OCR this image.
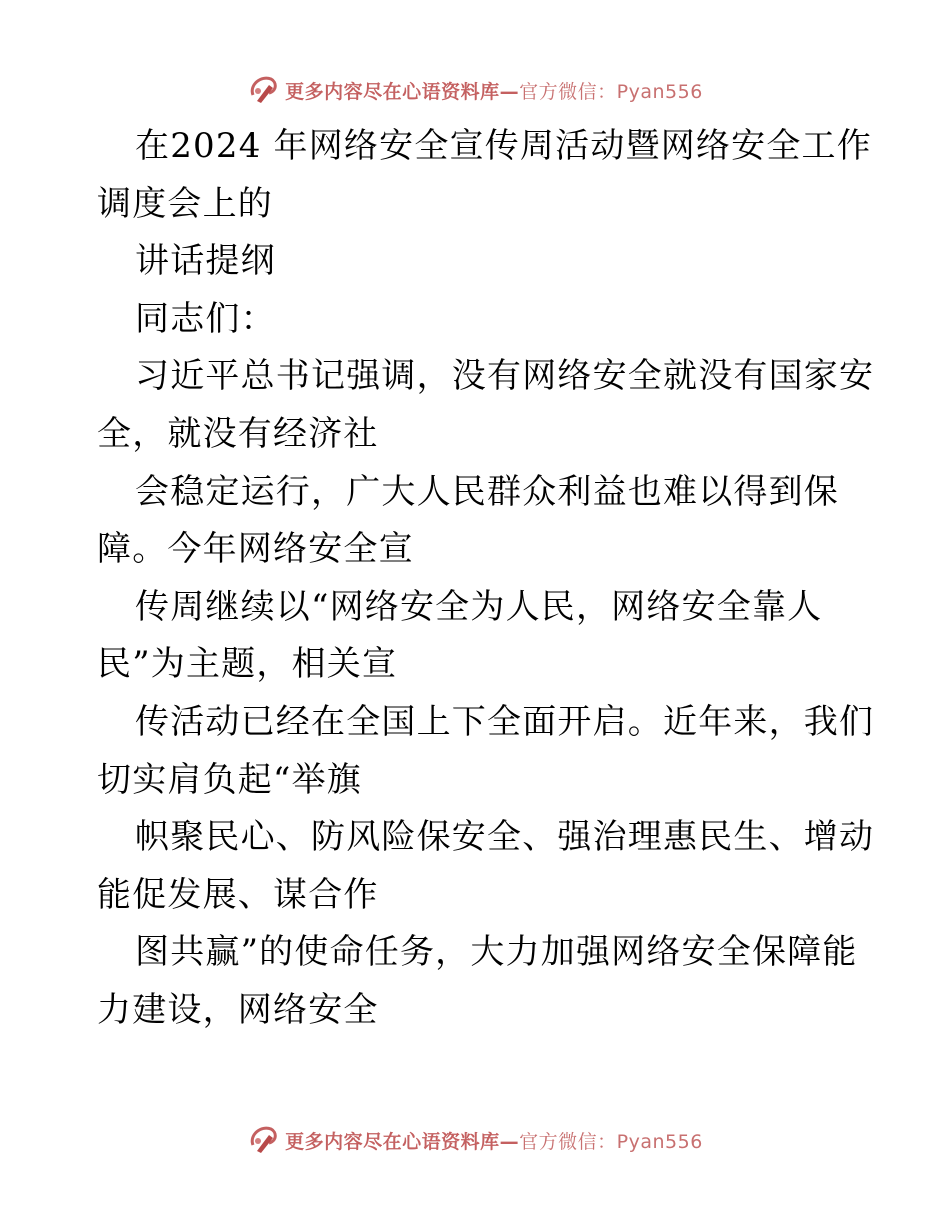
更多内容尽在心语资料库—官方微信：Pyan556
在2024 年网络安全宣传周活动暨网络安全工作
调度会上的
讲话提纲
同志们：
习近平总书记强调，没有网络安全就没有国家安
全，就没有经济社
会稳定运行，广大人民群众利益也难以得到保
障。今年网络安全宣
传周继续以“网络安全为人民，网络安全靠人
民”为主题，相关宣
传活动已经在全国上下全面开启。近年来，我们
切实肩负起“举旗
帜聚民心、防风险保安全、强治理惠民生、增动
能促发展、谋合作
图共赢”的使命任务，大力加强网络安全保障能
力建设，网络安全
更多内容尽在心语资料库—官方微信：Pyan556
